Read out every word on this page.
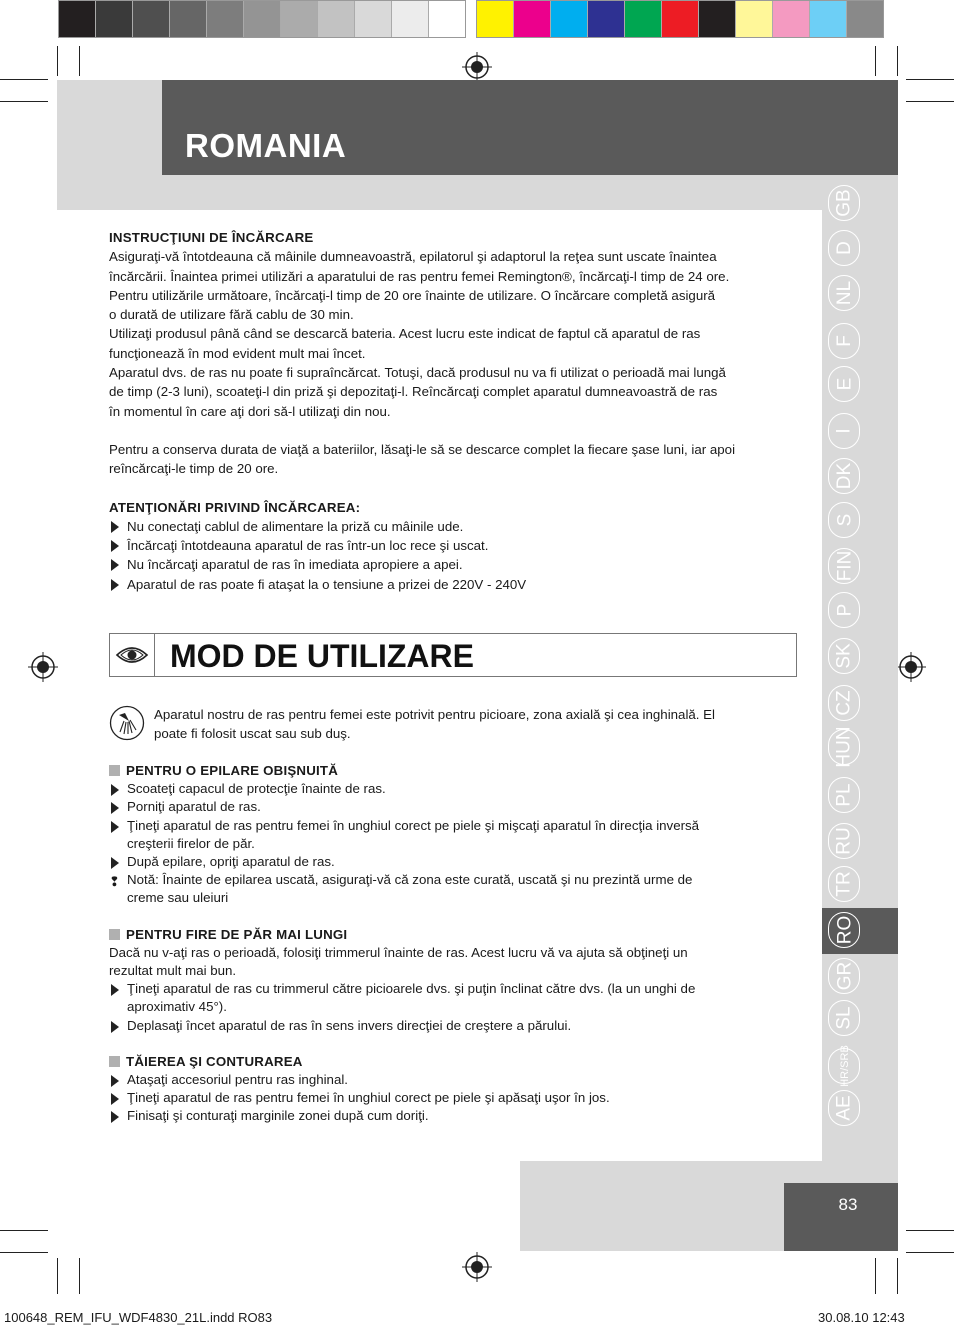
ROMANIA
GB
D
NL
F
E
I
DK
S
FIN
P
SK
CZ
HUN
PL
RU
TR
RO
GR
SL
HR/SRB
AE
83

INSTRUCŢIUNI DE ÎNCĂRCARE

Asiguraţi-vă întotdeauna că mâinile dumneavoastră, epilatorul şi adaptorul la reţea sunt uscate înaintea

încărcării. Înaintea primei utilizări a aparatului de ras pentru femei Remington®, încărcaţi-l timp de 24 ore.

Pentru utilizările următoare, încărcaţi-l timp de 20 ore înainte de utilizare. O încărcare completă asigură

o durată de utilizare fără cablu de 30 min.

Utilizaţi produsul până când se descarcă bateria. Acest lucru este indicat de faptul că aparatul de ras

funcţionează în mod evident mult mai încet.

Aparatul dvs. de ras nu poate fi supraîncărcat. Totuşi, dacă produsul nu va fi utilizat o perioadă mai lungă

de timp (2-3 luni), scoateţi-l din priză şi depozitaţi-l. Reîncărcaţi complet aparatul dumneavoastră de ras

în momentul în care aţi dori să-l utilizaţi din nou.

Pentru a conserva durata de viaţă a bateriilor, lăsaţi-le să se descarce complet la fiecare şase luni, iar apoi

reîncărcaţi-le timp de 20 ore.

ATENŢIONĂRI PRIVIND ÎNCĂRCAREA:

Nu conectaţi cablul de alimentare la priză cu mâinile ude.

Încărcaţi întotdeauna aparatul de ras într-un loc rece şi uscat.

Nu încărcaţi aparatul de ras în imediata apropiere a apei.

Aparatul de ras poate fi ataşat la o tensiune a prizei de 220V - 240V

MOD DE UTILIZARE
Aparatul nostru de ras pentru femei este potrivit pentru picioare, zona axială şi cea inghinală. El
poate fi folosit uscat sau sub duş.

PENTRU O EPILARE OBIŞNUITĂ

Scoateţi capacul de protecţie înainte de ras.

Porniţi aparatul de ras.

Ţineţi aparatul de ras pentru femei în unghiul corect pe piele şi mişcaţi aparatul în direcţia inversă
creşterii firelor de păr.

După epilare, opriţi aparatul de ras.

❢ Notă: Înainte de epilarea uscată, asiguraţi-vă că zona este curată, uscată şi nu prezintă urme de
creme sau uleiuri

PENTRU FIRE DE PĂR MAI LUNGI

Dacă nu v-aţi ras o perioadă, folosiţi trimmerul înainte de ras. Acest lucru vă va ajuta să obţineţi un

rezultat mult mai bun.

Ţineţi aparatul de ras cu trimmerul către picioarele dvs. şi puţin înclinat către dvs. (la un unghi de
aproximativ 45°).

Deplasaţi încet aparatul de ras în sens invers direcţiei de creştere a părului.

TĂIEREA ŞI CONTURAREA

Ataşaţi accesoriul pentru ras inghinal.

Ţineţi aparatul de ras pentru femei în unghiul corect pe piele şi apăsaţi uşor în jos.

Finisaţi şi conturaţi marginile zonei după cum doriţi.

100648_REM_IFU_WDF4830_21L.indd RO83	30.08.10 12:43
